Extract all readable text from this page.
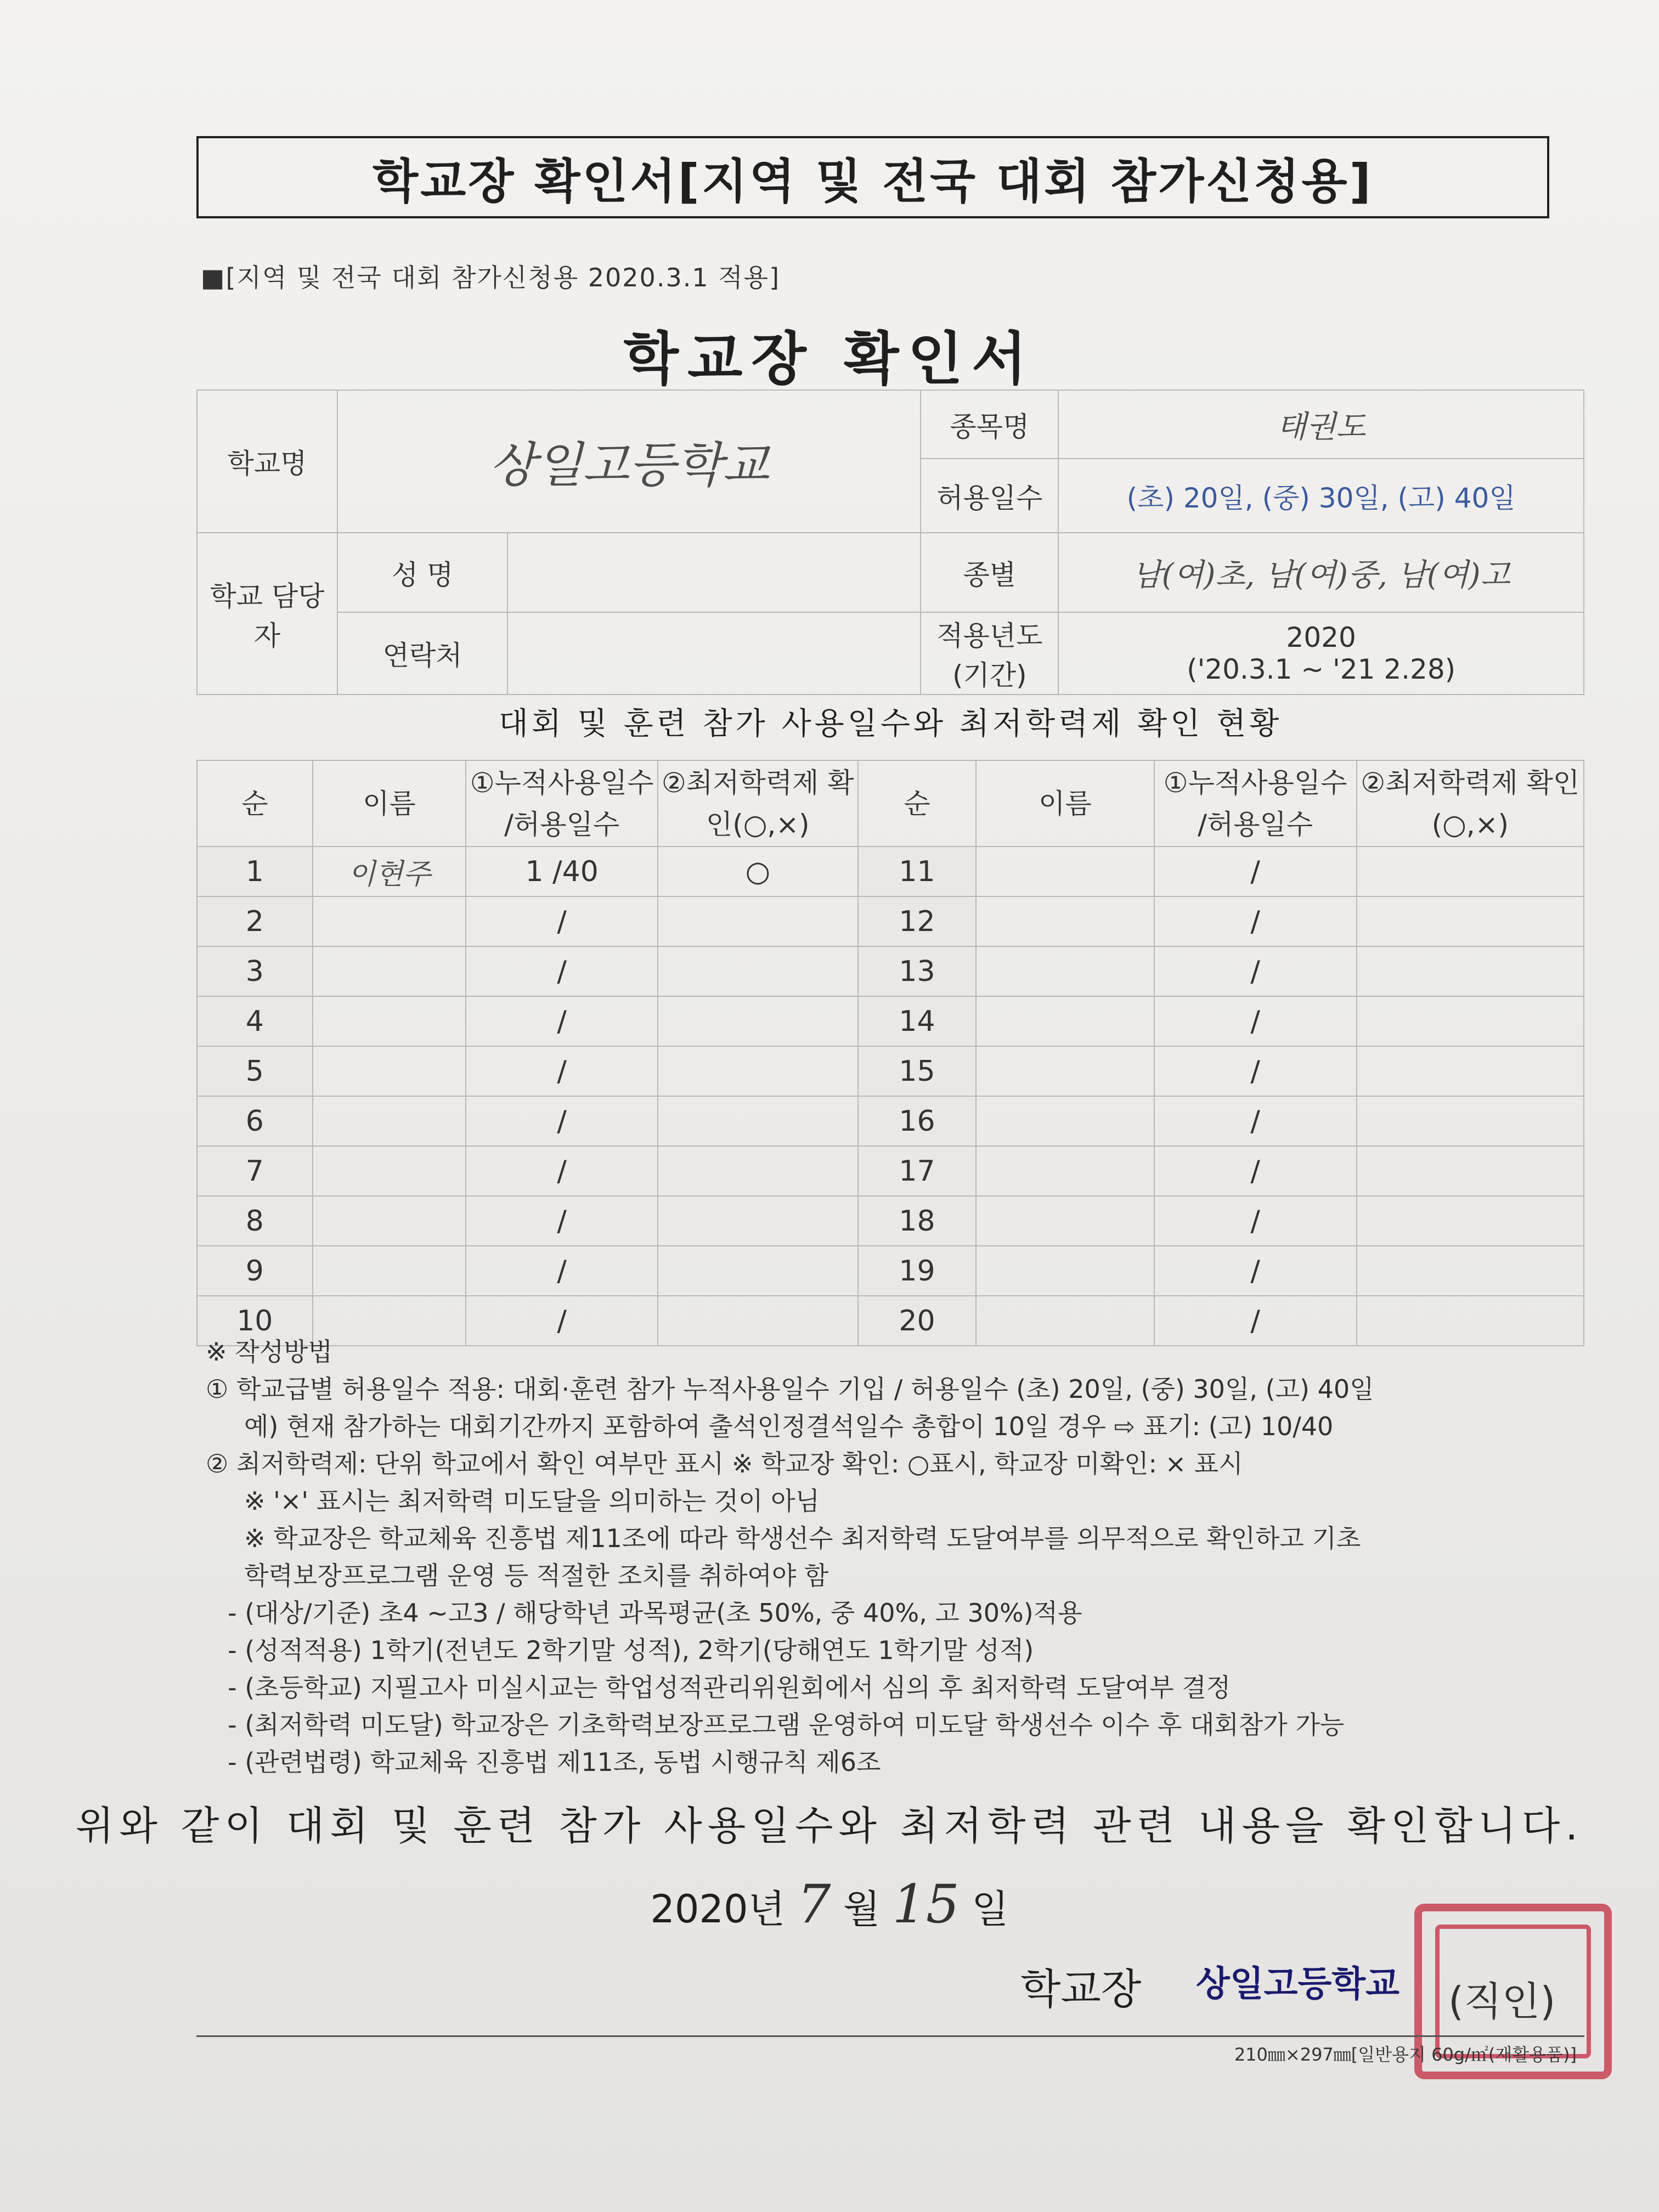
학교장 확인서[지역 및 전국 대회 참가신청용]
■[지역 및 전국 대회 참가신청용 2020.3.1 적용]
학교장 확인서
학교명	상일고등학교		종목명	태권도
			허용일수	(초) 20일, (중) 30일, (고) 40일
학교 담당자	성 명		종별	남(여)초, 남(여)중, 남(여)고
	연락처		적용년도 (기간)	2020
('20.3.1 ~ '21 2.28)
대회 및 훈련 참가 사용일수와 최저학력제 확인 현황
순	이름	①누적사용일수 /허용일수	②최저학력제 확인(○,×)	순	이름	①누적사용일수 /허용일수	②최저학력제 확인(○,×)
1	이현주	1 /40	○	11		/	
2		/		12		/	
3		/		13		/	
4		/		14		/	
5		/		15		/	
6		/		16		/	
7		/		17		/	
8		/		18		/	
9		/		19		/	
10		/		20		/	
※ 작성방법
① 학교급별 허용일수 적용: 대회·훈련 참가 누적사용일수 기입 / 허용일수 (초) 20일, (중) 30일, (고) 40일
예) 현재 참가하는 대회기간까지 포함하여 출석인정결석일수 총합이 10일 경우 ⇨ 표기: (고) 10/40
② 최저학력제: 단위 학교에서 확인 여부만 표시 ※ 학교장 확인: ○표시, 학교장 미확인: × 표시
※ '×' 표시는 최저학력 미도달을 의미하는 것이 아님
※ 학교장은 학교체육 진흥법 제11조에 따라 학생선수 최저학력 도달여부를 의무적으로 확인하고 기초
학력보장프로그램 운영 등 적절한 조치를 취하여야 함
- (대상/기준) 초4 ~고3 / 해당학년 과목평균(초 50%, 중 40%, 고 30%)적용
- (성적적용) 1학기(전년도 2학기말 성적), 2학기(당해연도 1학기말 성적)
- (초등학교) 지필고사 미실시교는 학업성적관리위원회에서 심의 후 최저학력 도달여부 결정
- (최저학력 미도달) 학교장은 기초학력보장프로그램 운영하여 미도달 학생선수 이수 후 대회참가 가능
- (관련법령) 학교체육 진흥법 제11조, 동법 시행규칙 제6조
위와 같이 대회 및 훈련 참가 사용일수와 최저학력 관련 내용을 확인합니다.
2020년 7 월 15 일
학교장 상일고등학교 (직인)
210㎜×297㎜[일반용지 60g/㎡(재활용품)]
